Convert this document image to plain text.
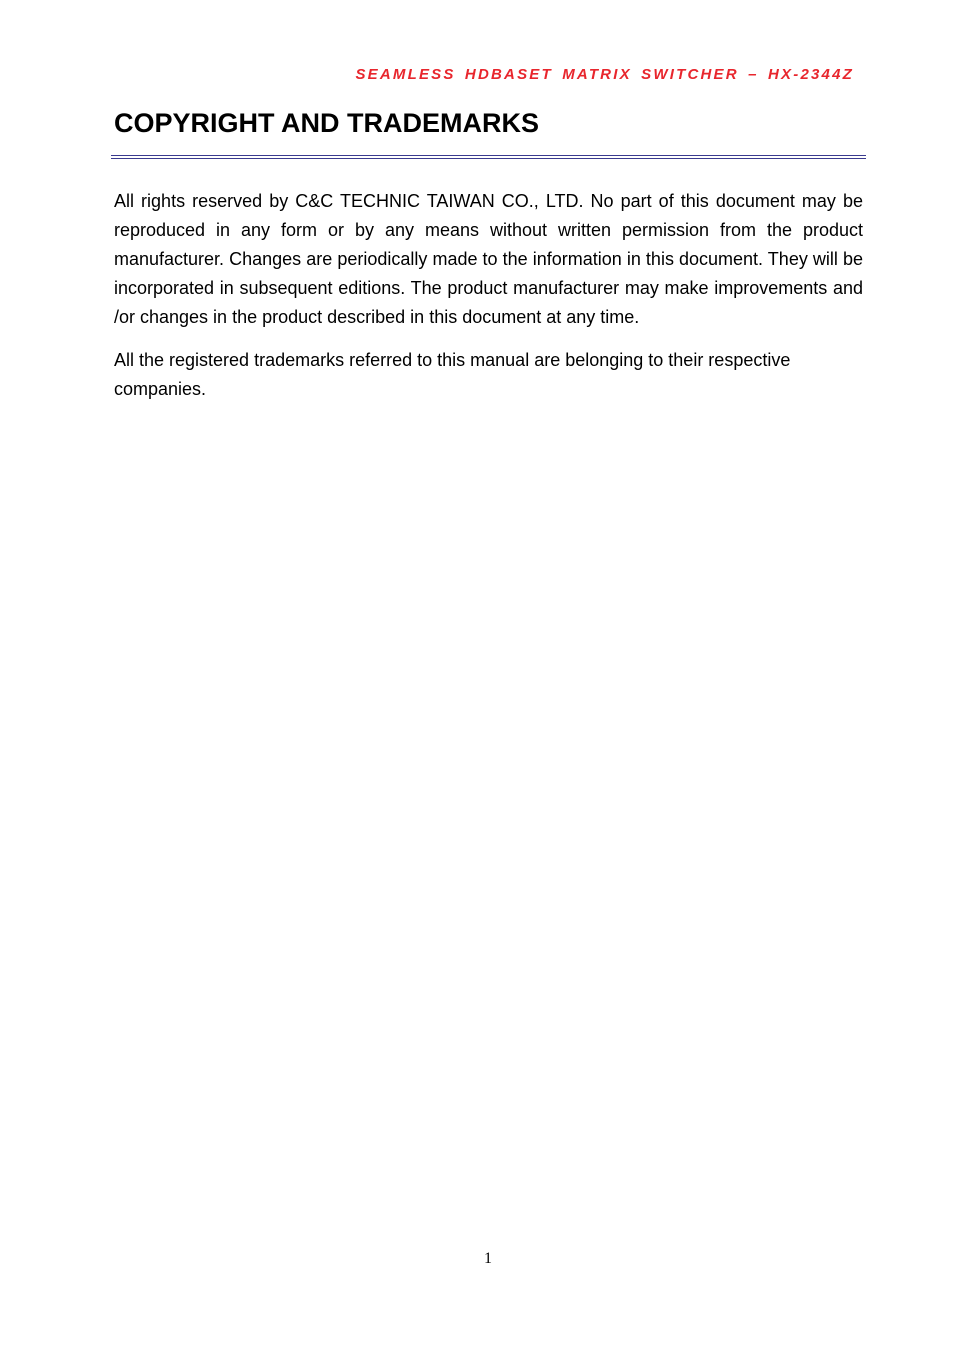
SEAMLESS HDBASET MATRIX SWITCHER – HX-2344Z
COPYRIGHT AND TRADEMARKS

All rights reserved by C&C TECHNIC TAIWAN CO., LTD. No part of this document may be reproduced in any form or by any means without written permission from the product manufacturer. Changes are periodically made to the information in this document. They will be incorporated in subsequent editions. The product manufacturer may make improvements and /or changes in the product described in this document at any time.

All the registered trademarks referred to this manual are belonging to their respective companies.

1
